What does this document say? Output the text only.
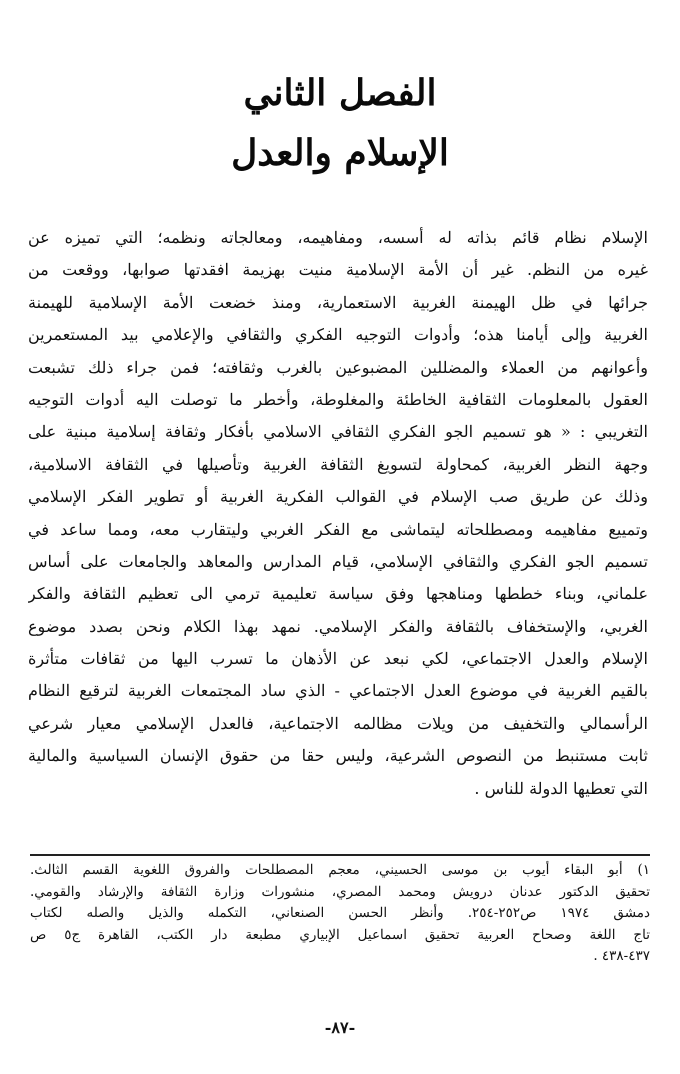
الفصل الثاني
الإسلام والعدل
الإسلام نظام قائم بذاته له أسسه، ومفاهيمه، ومعالجاته ونظمه؛ التي تميزه عن
غيره من النظم. غير أن الأمة الإسلامية منيت بهزيمة افقدتها صوابها، ووقعت من
جرائها في ظل الهيمنة الغربية الاستعمارية، ومنذ خضعت الأمة الإسلامية للهيمنة
الغربية وإلى أيامنا هذه؛ وأدوات التوجيه الفكري والثقافي والإعلامي بيد المستعمرين
وأعوانهم من العملاء والمضللين المضبوعين بالغرب وثقافته؛ فمن جراء ذلك تشبعت
العقول بالمعلومات الثقافية الخاطئة والمغلوطة، وأخطر ما توصلت اليه أدوات التوجيه
التغريبي : « هو تسميم الجو الفكري الثقافي الاسلامي بأفكار وثقافة إسلامية مبنية على
وجهة النظر الغربية، كمحاولة لتسويغ الثقافة الغربية وتأصيلها في الثقافة الاسلامية،
وذلك عن طريق صب الإسلام في القوالب الفكرية الغربية أو تطوير الفكر الإسلامي
وتمييع مفاهيمه ومصطلحاته ليتماشى مع الفكر الغربي وليتقارب معه، ومما ساعد في
تسميم الجو الفكري والثقافي الإسلامي، قيام المدارس والمعاهد والجامعات على أساس
علماني، وبناء خططها ومناهجها وفق سياسة تعليمية ترمي الى تعظيم الثقافة والفكر
الغربي، والإستخفاف بالثقافة والفكر الإسلامي. نمهد بهذا الكلام ونحن بصدد موضوع
الإسلام والعدل الاجتماعي، لكي نبعد عن الأذهان ما تسرب اليها من ثقافات متأثرة
بالقيم الغربية في موضوع العدل الاجتماعي - الذي ساد المجتمعات الغربية لترقيع النظام
الرأسمالي والتخفيف من ويلات مظالمه الاجتماعية، فالعدل الإسلامي معيار شرعي
ثابت مستنبط من النصوص الشرعية، وليس حقا من حقوق الإنسان السياسية والمالية
التي تعطيها الدولة للناس .
١) أبو البقاء أيوب بن موسى الحسيني، معجم المصطلحات والفروق اللغوية القسم الثالث.
تحقيق الدكتور عدنان درويش ومحمد المصري، منشورات وزارة الثقافة والإرشاد والقومي.
دمشق ١٩٧٤ ص٢٥٢-٢٥٤. وأنظر الحسن الصنعاني، التكمله والذيل والصله لكتاب
تاج اللغة وصحاح العربية تحقيق اسماعيل الإبياري مطبعة دار الكتب، القاهرة ج٥ ص
٤٣٧-٤٣٨ .
-٨٧-
